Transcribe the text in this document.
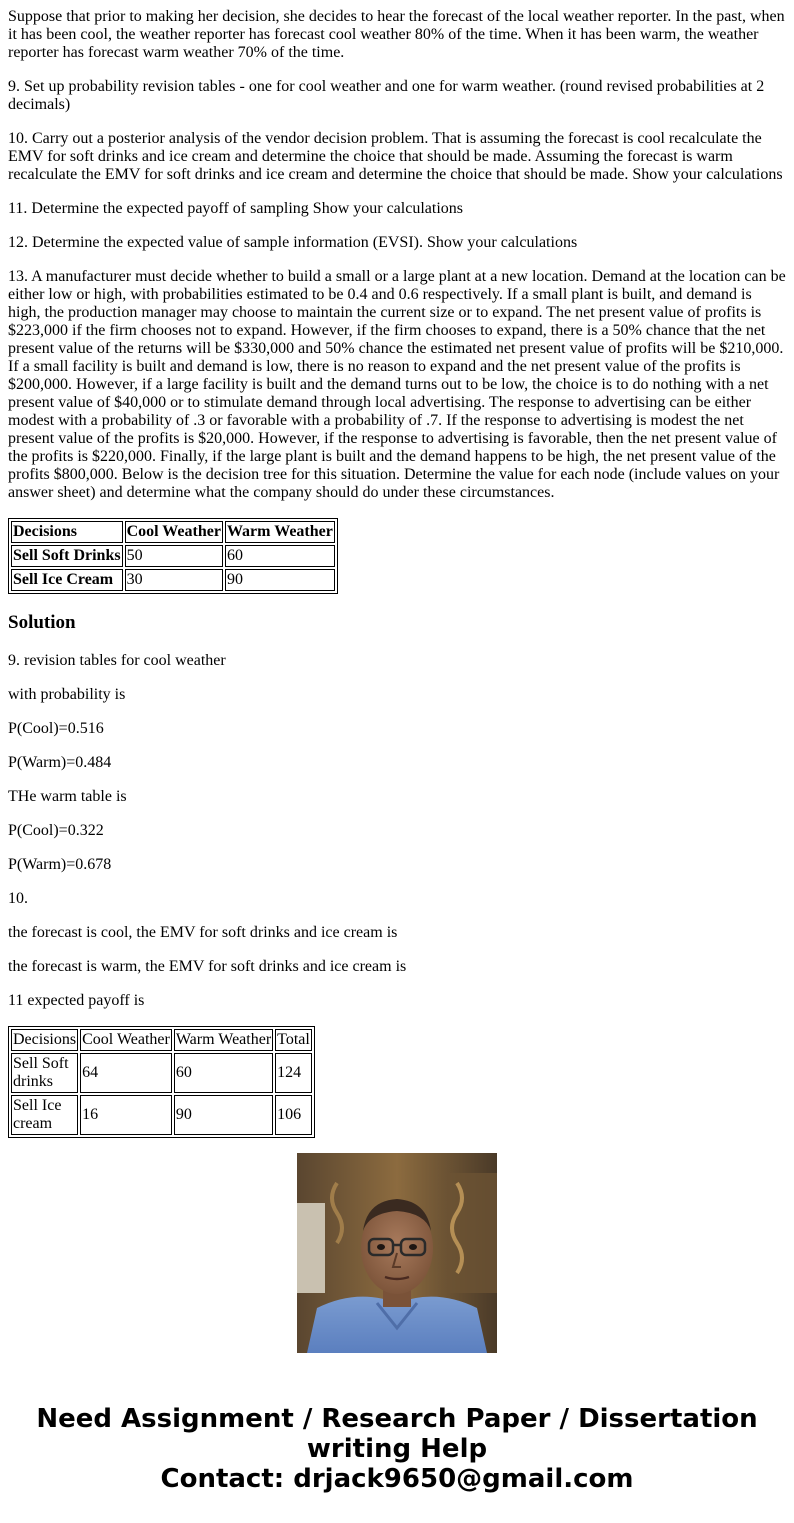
Suppose that prior to making her decision, she decides to hear the forecast of the local weather reporter. In the past, when it has been cool, the weather reporter has forecast cool weather 80% of the time. When it has been warm, the weather reporter has forecast warm weather 70% of the time.

9. Set up probability revision tables - one for cool weather and one for warm weather. (round revised probabilities at 2 decimals)

10. Carry out a posterior analysis of the vendor decision problem. That is assuming the forecast is cool recalculate the EMV for soft drinks and ice cream and determine the choice that should be made. Assuming the forecast is warm recalculate the EMV for soft drinks and ice cream and determine the choice that should be made. Show your calculations

11. Determine the expected payoff of sampling Show your calculations

12. Determine the expected value of sample information (EVSI). Show your calculations

13. A manufacturer must decide whether to build a small or a large plant at a new location. Demand at the location can be either low or high, with probabilities estimated to be 0.4 and 0.6 respectively. If a small plant is built, and demand is high, the production manager may choose to maintain the current size or to expand. The net present value of profits is $223,000 if the firm chooses not to expand. However, if the firm chooses to expand, there is a 50% chance that the net present value of the returns will be $330,000 and 50% chance the estimated net present value of profits will be $210,000. If a small facility is built and demand is low, there is no reason to expand and the net present value of the profits is $200,000. However, if a large facility is built and the demand turns out to be low, the choice is to do nothing with a net present value of $40,000 or to stimulate demand through local advertising. The response to advertising can be either modest with a probability of .3 or favorable with a probability of .7. If the response to advertising is modest the net present value of the profits is $20,000. However, if the response to advertising is favorable, then the net present value of the profits is $220,000. Finally, if the large plant is built and the demand happens to be high, the net present value of the profits $800,000. Below is the decision tree for this situation. Determine the value for each node (include values on your answer sheet) and determine what the company should do under these circumstances.

Decisions	Cool Weather	Warm Weather
Sell Soft Drinks	50	60
Sell Ice Cream	30	90
Solution

9. revision tables for cool weather

with probability is

P(Cool)=0.516

P(Warm)=0.484

THe warm table is

P(Cool)=0.322

P(Warm)=0.678

10.

the forecast is cool, the EMV for soft drinks and ice cream is

the forecast is warm, the EMV for soft drinks and ice cream is

11 expected payoff is

Decisions	Cool Weather	Warm Weather	Total
Sell Soft drinks	64	60	124
Sell Ice cream	16	90	106
Need Assignment / Research Paper / Dissertation
writing Help
Contact: drjack9650@gmail.com
